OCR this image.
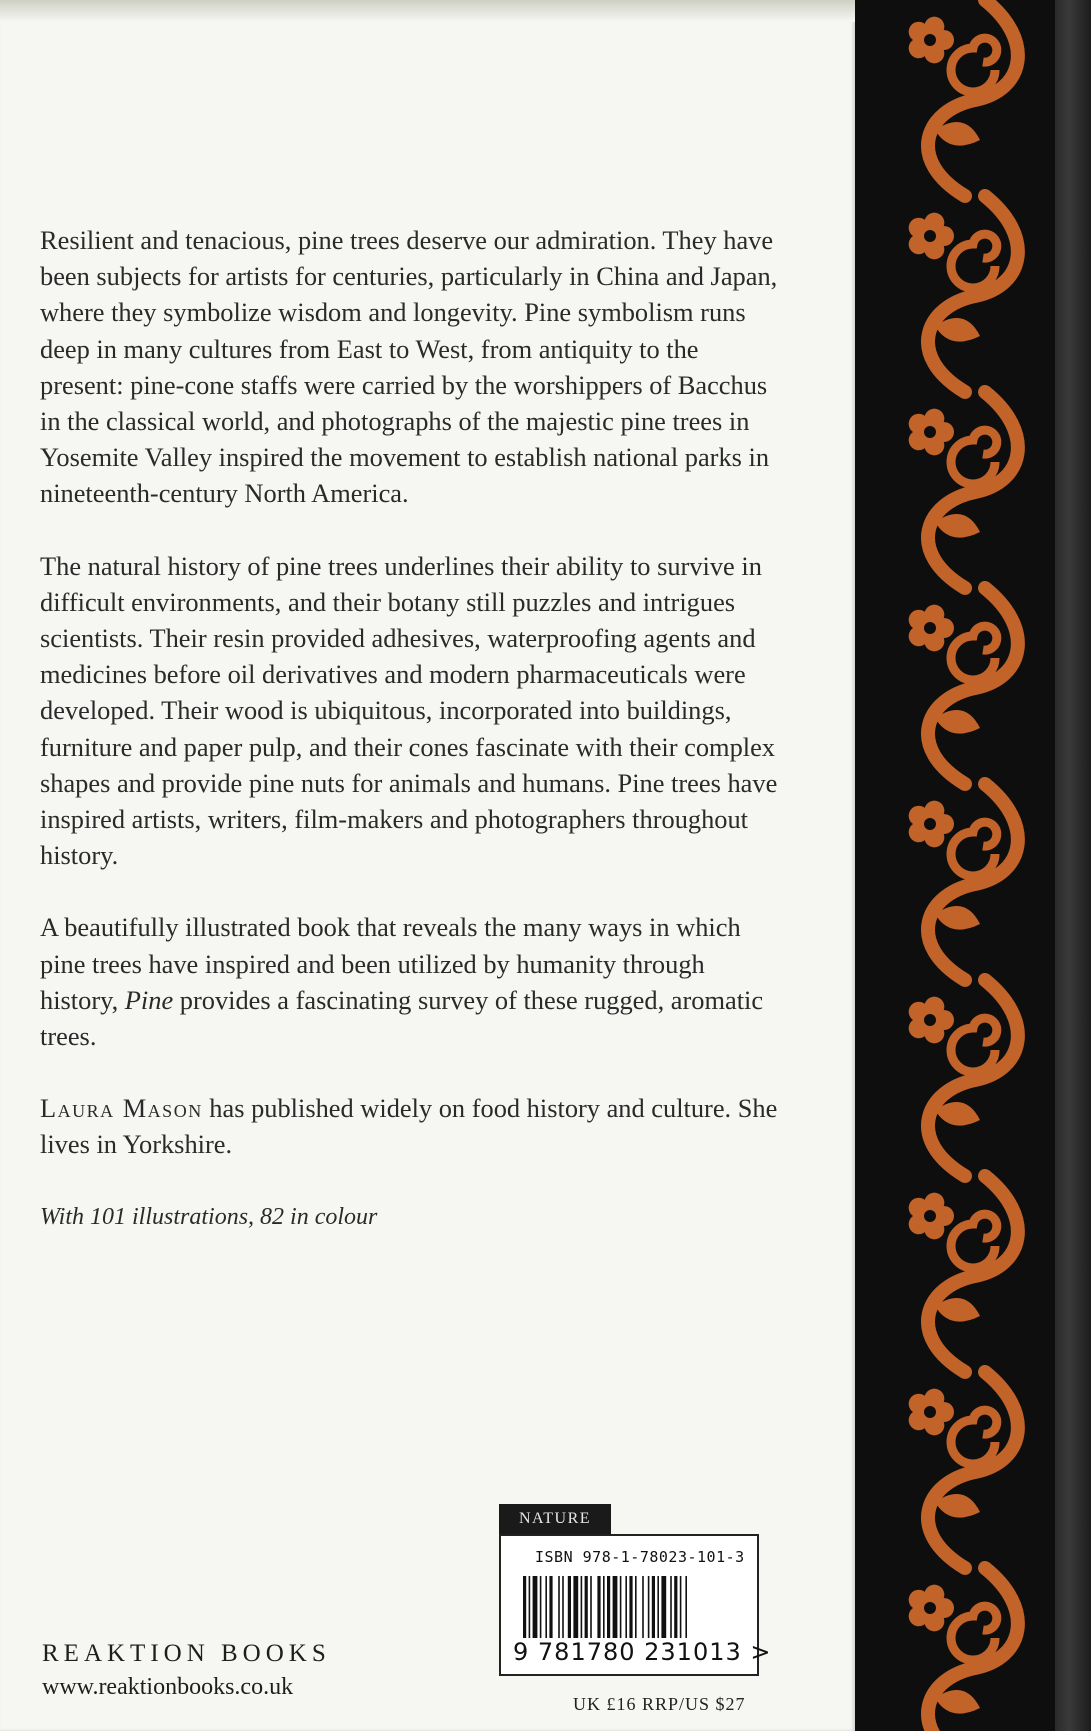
Resilient and tenacious, pine trees deserve our admiration. They have been subjects for artists for centuries, particularly in China and Japan, where they symbolize wisdom and longevity. Pine symbolism runs deep in many cultures from East to West, from antiquity to the present: pine-cone staffs were carried by the worshippers of Bacchus in the classical world, and photographs of the majestic pine trees in Yosemite Valley inspired the movement to establish national parks in nineteenth-century North America.

The natural history of pine trees underlines their ability to survive in difficult environments, and their botany still puzzles and intrigues scientists. Their resin provided adhesives, waterproofing agents and medicines before oil derivatives and modern pharmaceuticals were developed. Their wood is ubiquitous, incorporated into buildings, furniture and paper pulp, and their cones fascinate with their complex shapes and provide pine nuts for animals and humans. Pine trees have inspired artists, writers, film-makers and photographers throughout history.

A beautifully illustrated book that reveals the many ways in which pine trees have inspired and been utilized by humanity through history, Pine provides a fascinating survey of these rugged, aromatic trees.

Laura Mason has published widely on food history and culture. She lives in Yorkshire.

With 101 illustrations, 82 in colour

REAKTION BOOKS
www.reaktionbooks.co.uk
NATURE
ISBN 978-1-78023-101-3
9 781780 231013 >
UK £16 RRP/US $27
